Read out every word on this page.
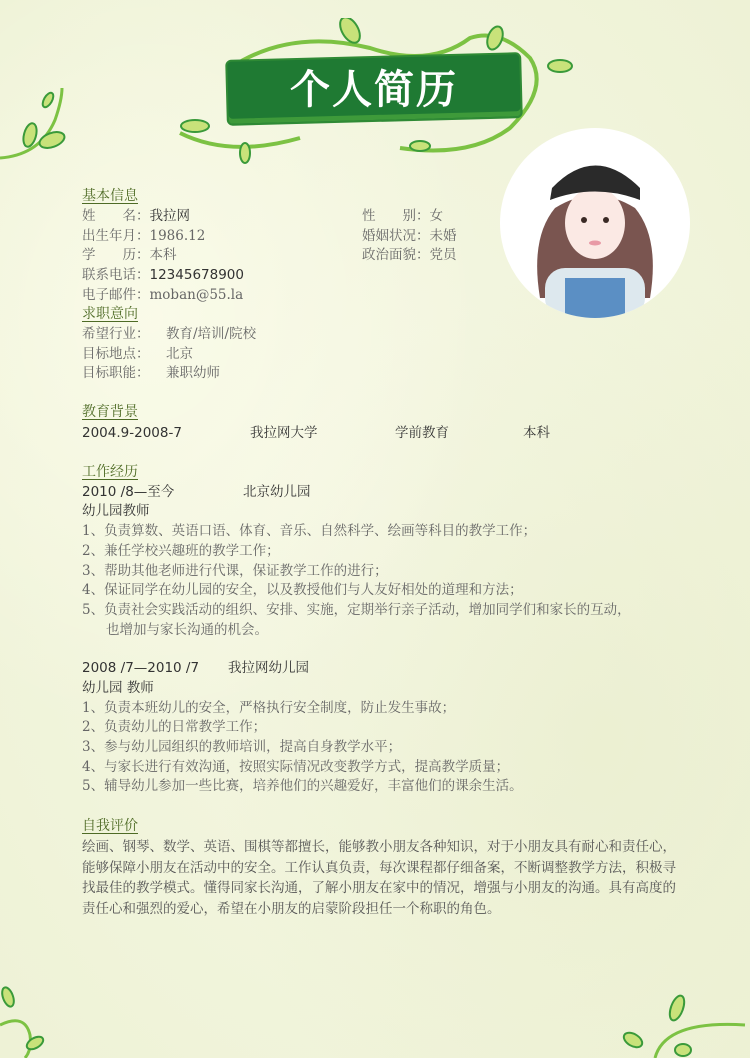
个人简历
基本信息
姓　　名：我拉网
出生年月：1986.12
学　　历：本科
联系电话：12345678900
电子邮件：moban@55.la
性　　别：女
婚姻状况：未婚
政治面貌：党员
求职意向
希望行业： 教育/培训/院校
目标地点： 北京
目标职能： 兼职幼师
教育背景
2004.9-2008-7	我拉网大学	学前教育	本科
工作经历
2010 /8—至今	北京幼儿园
幼儿园教师
1、负责算数、英语口语、体育、音乐、自然科学、绘画等科目的教学工作；
2、兼任学校兴趣班的教学工作；
3、帮助其他老师进行代课，保证教学工作的进行；
4、保证同学在幼儿园的安全，以及教授他们与人友好相处的道理和方法；
5、负责社会实践活动的组织、安排、实施，定期举行亲子活动，增加同学们和家长的互动，
也增加与家长沟通的机会。
2008 /7—2010 /7 我拉网幼儿园
幼儿园 教师
1、负责本班幼儿的安全，严格执行安全制度，防止发生事故；
2、负责幼儿的日常教学工作；
3、参与幼儿园组织的教师培训，提高自身教学水平；
4、与家长进行有效沟通，按照实际情况改变教学方式，提高教学质量；
5、辅导幼儿参加一些比赛，培养他们的兴趣爱好，丰富他们的课余生活。
自我评价
绘画、钢琴、数学、英语、围棋等都擅长，能够教小朋友各种知识，对于小朋友具有耐心和责任心，能够保障小朋友在活动中的安全。工作认真负责，每次课程都仔细备案，不断调整教学方法，积极寻找最佳的教学模式。懂得同家长沟通，了解小朋友在家中的情况，增强与小朋友的沟通。具有高度的责任心和强烈的爱心，希望在小朋友的启蒙阶段担任一个称职的角色。
